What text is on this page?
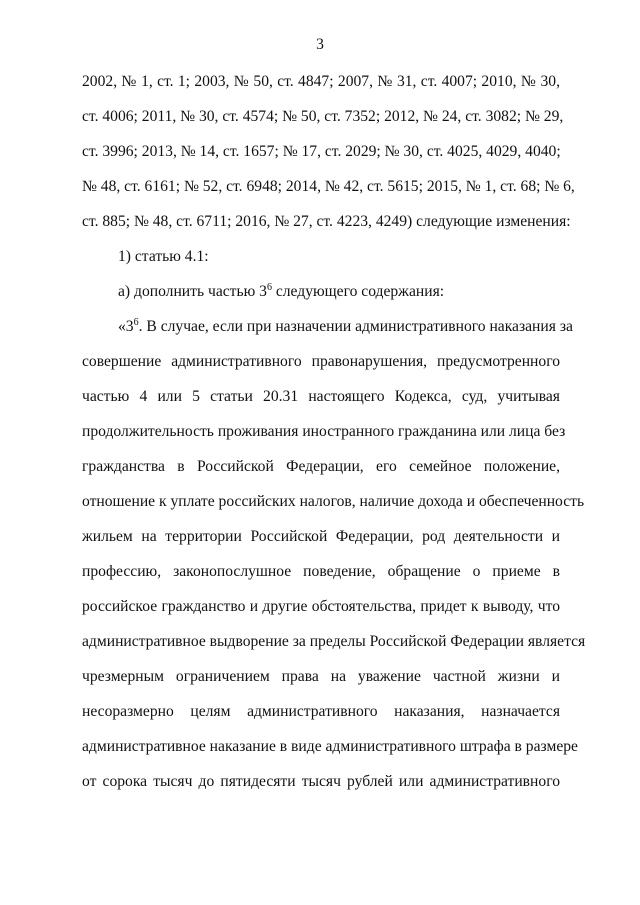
3
2002, № 1, ст. 1; 2003, № 50, ст. 4847; 2007, № 31, ст. 4007; 2010, № 30,
ст. 4006; 2011, № 30, ст. 4574; № 50, ст. 7352; 2012, № 24, ст. 3082; № 29,
ст. 3996; 2013, № 14, ст. 1657; № 17, ст. 2029; № 30, ст. 4025, 4029, 4040;
№ 48, ст. 6161; № 52, ст. 6948; 2014, № 42, ст. 5615; 2015, № 1, ст. 68; № 6,
ст. 885; № 48, ст. 6711; 2016, № 27, ст. 4223, 4249) следующие изменения:
1) статью 4.1:
а) дополнить частью $3^6$ следующего содержания:
«$3^6$. В случае, если при назначении административного наказания за
совершение административного правонарушения, предусмотренного
частью 4 или 5 статьи 20.31 настоящего Кодекса, суд, учитывая
продолжительность проживания иностранного гражданина или лица без
гражданства в Российской Федерации, его семейное положение,
отношение к уплате российских налогов, наличие дохода и обеспеченность
жильем на территории Российской Федерации, род деятельности и
профессию, законопослушное поведение, обращение о приеме в
российское гражданство и другие обстоятельства, придет к выводу, что
административное выдворение за пределы Российской Федерации является
чрезмерным ограничением права на уважение частной жизни и
несоразмерно целям административного наказания, назначается
административное наказание в виде административного штрафа в размере
от сорока тысяч до пятидесяти тысяч рублей или административного
